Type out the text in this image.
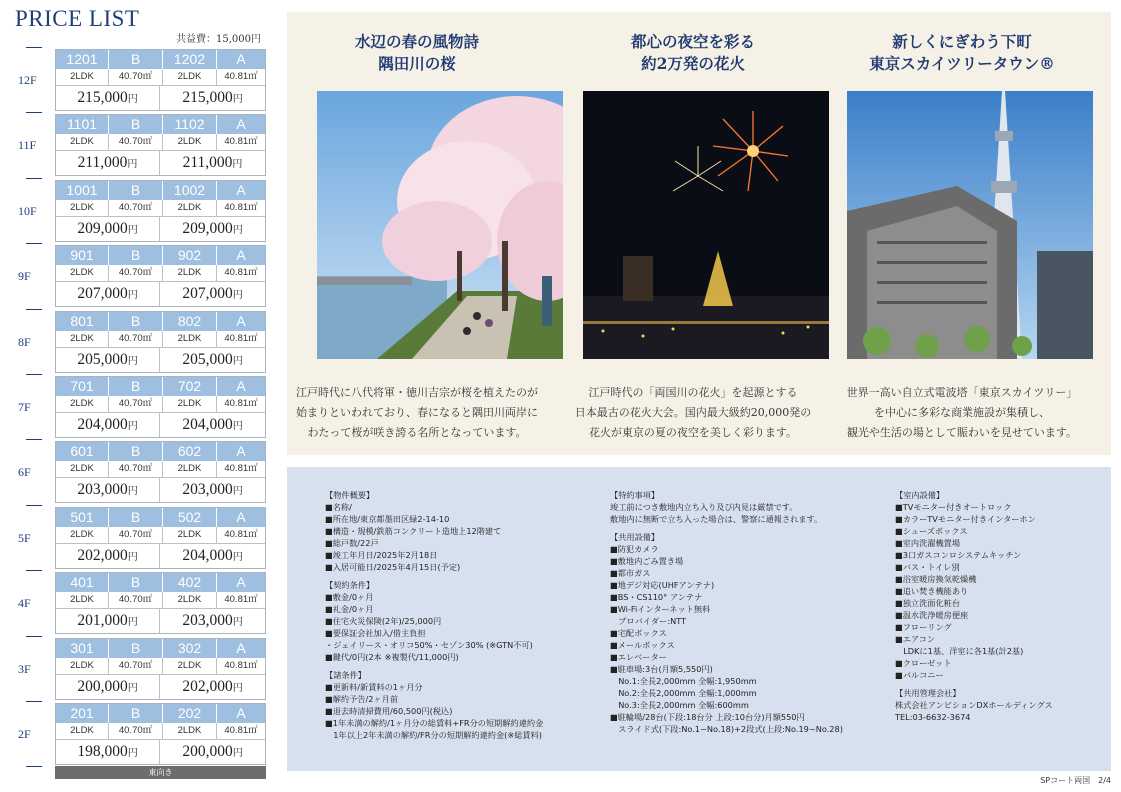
PRICE LIST
共益費：15,000円
12F
1201	B	1202	A
2LDK	40.70㎡	2LDK	40.81㎡
215,000円	215,000円
11F
1101	B	1102	A
2LDK	40.70㎡	2LDK	40.81㎡
211,000円	211,000円
10F
1001	B	1002	A
2LDK	40.70㎡	2LDK	40.81㎡
209,000円	209,000円
9F
901	B	902	A
2LDK	40.70㎡	2LDK	40.81㎡
207,000円	207,000円
8F
801	B	802	A
2LDK	40.70㎡	2LDK	40.81㎡
205,000円	205,000円
7F
701	B	702	A
2LDK	40.70㎡	2LDK	40.81㎡
204,000円	204,000円
6F
601	B	602	A
2LDK	40.70㎡	2LDK	40.81㎡
203,000円	203,000円
5F
501	B	502	A
2LDK	40.70㎡	2LDK	40.81㎡
202,000円	204,000円
4F
401	B	402	A
2LDK	40.70㎡	2LDK	40.81㎡
201,000円	203,000円
3F
301	B	302	A
2LDK	40.70㎡	2LDK	40.81㎡
200,000円	202,000円
2F
201	B	202	A
2LDK	40.70㎡	2LDK	40.81㎡
198,000円	200,000円
東向き
水辺の春の風物詩
隅田川の桜
江戸時代に八代将軍・徳川吉宗が桜を植えたのが
始まりといわれており、春になると隅田川両岸に
わたって桜が咲き誇る名所となっています。
都心の夜空を彩る
約2万発の花火
江戸時代の「両国川の花火」を起源とする
日本最古の花火大会。国内最大級約20,000発の
花火が東京の夏の夜空を美しく彩ります。
新しくにぎわう下町
東京スカイツリータウン®
世界一高い自立式電波塔「東京スカイツリー」
を中心に多彩な商業施設が集積し、
観光や生活の場として賑わいを見せています。
【物件概要】
■名称/
■所在地/東京都墨田区緑2-14-10
■構造・規模/鉄筋コンクリート造地上12階建て
■総戸数/22戸
■竣工年月日/2025年2月18日
■入居可能日/2025年4月15日(予定)
【契約条件】
■敷金/0ヶ月
■礼金/0ヶ月
■住宅火災保険(2年)/25,000円
■要保証会社加入/借主負担
・ジェイリース・オリコ50%・セゾン30% (※GTN不可)
■鍵代/0円(2本 ※複製代/11,000円)
【諸条件】
■更新料/新賃料の1ヶ月分
■解約予告/2ヶ月前
■退去時清掃費用/60,500円(税込)
■1年未満の解約/1ヶ月分の総賃料+FR分の短期解約違約金
　1年以上2年未満の解約/FR分の短期解約違約金(※総賃料)
【特約事項】
竣工前につき敷地内立ち入り及び内見は厳禁です。
敷地内に無断で立ち入った場合は、警察に通報されます。
【共用設備】
■防犯カメラ
■敷地内ごみ置き場
■都市ガス
■地デジ対応(UHFアンテナ)
■BS・CS110° アンテナ
■Wi-Fiインターネット無料
　プロバイダー:NTT
■宅配ボックス
■メールボックス
■エレベーター
■駐車場:3台(月額5,550円)
　No.1:全長2,000mm 全幅:1,950mm
　No.2:全長2,000mm 全幅:1,000mm
　No.3:全長2,000mm 全幅:600mm
■駐輪場/28台(下段:18台分 上段:10台分)月額550円
　スライド式(下段:No.1~No.18)+2段式(上段:No.19~No.28)
【室内設備】
■TVモニター付きオートロック
■カラーTVモニター付きインターホン
■シューズボックス
■室内洗濯機置場
■3口ガスコンロシステムキッチン
■バス・トイレ別
■浴室暖房換気乾燥機
■追い焚き機能あり
■独立洗面化粧台
■温水洗浄暖房便座
■フローリング
■エアコン
　LDKに1基、洋室に各1基(計2基)
■クローゼット
■バルコニー
【共用管理会社】
株式会社アンビションDXホールディングス
TEL:03-6632-3674
SPコート両国　2/4
